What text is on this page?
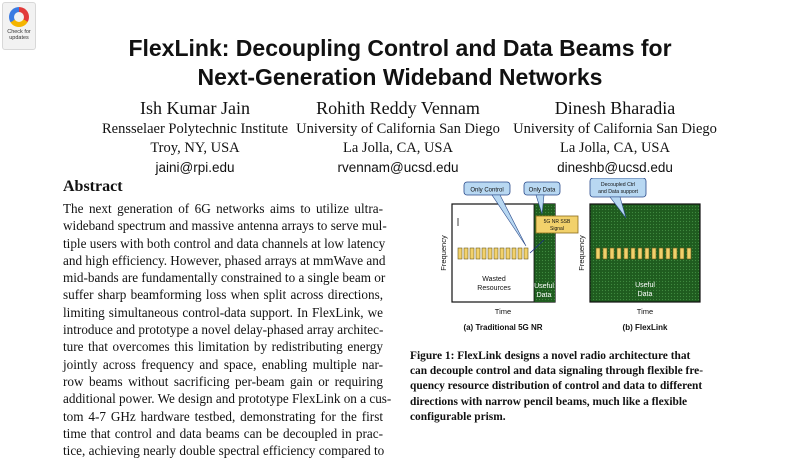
Check for
updates	FlexLink: Decoupling Control and Data Beams for
Next-Generation Wideband Networks
Ish Kumar Jain
Rensselaer Polytechnic Institute
Troy, NY, USA
jaini@rpi.edu
Rohith Reddy Vennam
University of California San Diego
La Jolla, CA, USA
rvennam@ucsd.edu
Dinesh Bharadia
University of California San Diego
La Jolla, CA, USA
dineshb@ucsd.edu
Abstract
The next generation of 6G networks aims to utilize ultra-
wideband spectrum and massive antenna arrays to serve mul-
tiple users with both control and data channels at low latency
and high efficiency. However, phased arrays at mmWave and
mid-bands are fundamentally constrained to a single beam or
suffer sharp beamforming loss when split across directions,
limiting simultaneous control-data support. In FlexLink, we
introduce and prototype a novel delay-phased array architec-
ture that overcomes this limitation by redistributing energy
jointly across frequency and space, enabling multiple nar-
row beams without sacrificing per-beam gain or requiring
additional power. We design and prototype FlexLink on a cus-
tom 4-7 GHz hardware testbed, demonstrating for the first
time that control and data beams can be decoupled in prac-
tice, achieving nearly double spectral efficiency compared to
Only Control	Only Data
5G NR SSB
Signal
Wasted
Resources	Useful
Data
Frequency
Time
(a) Traditional 5G NR
Decoupled Ctrl
and Data support
Useful
Data
Frequency
Time
(b) FlexLink
Figure 1: FlexLink designs a novel radio architecture that
can decouple control and data signaling through flexible fre-
quency resource distribution of control and data to different
directions with narrow pencil beams, much like a flexible
configurable prism.
